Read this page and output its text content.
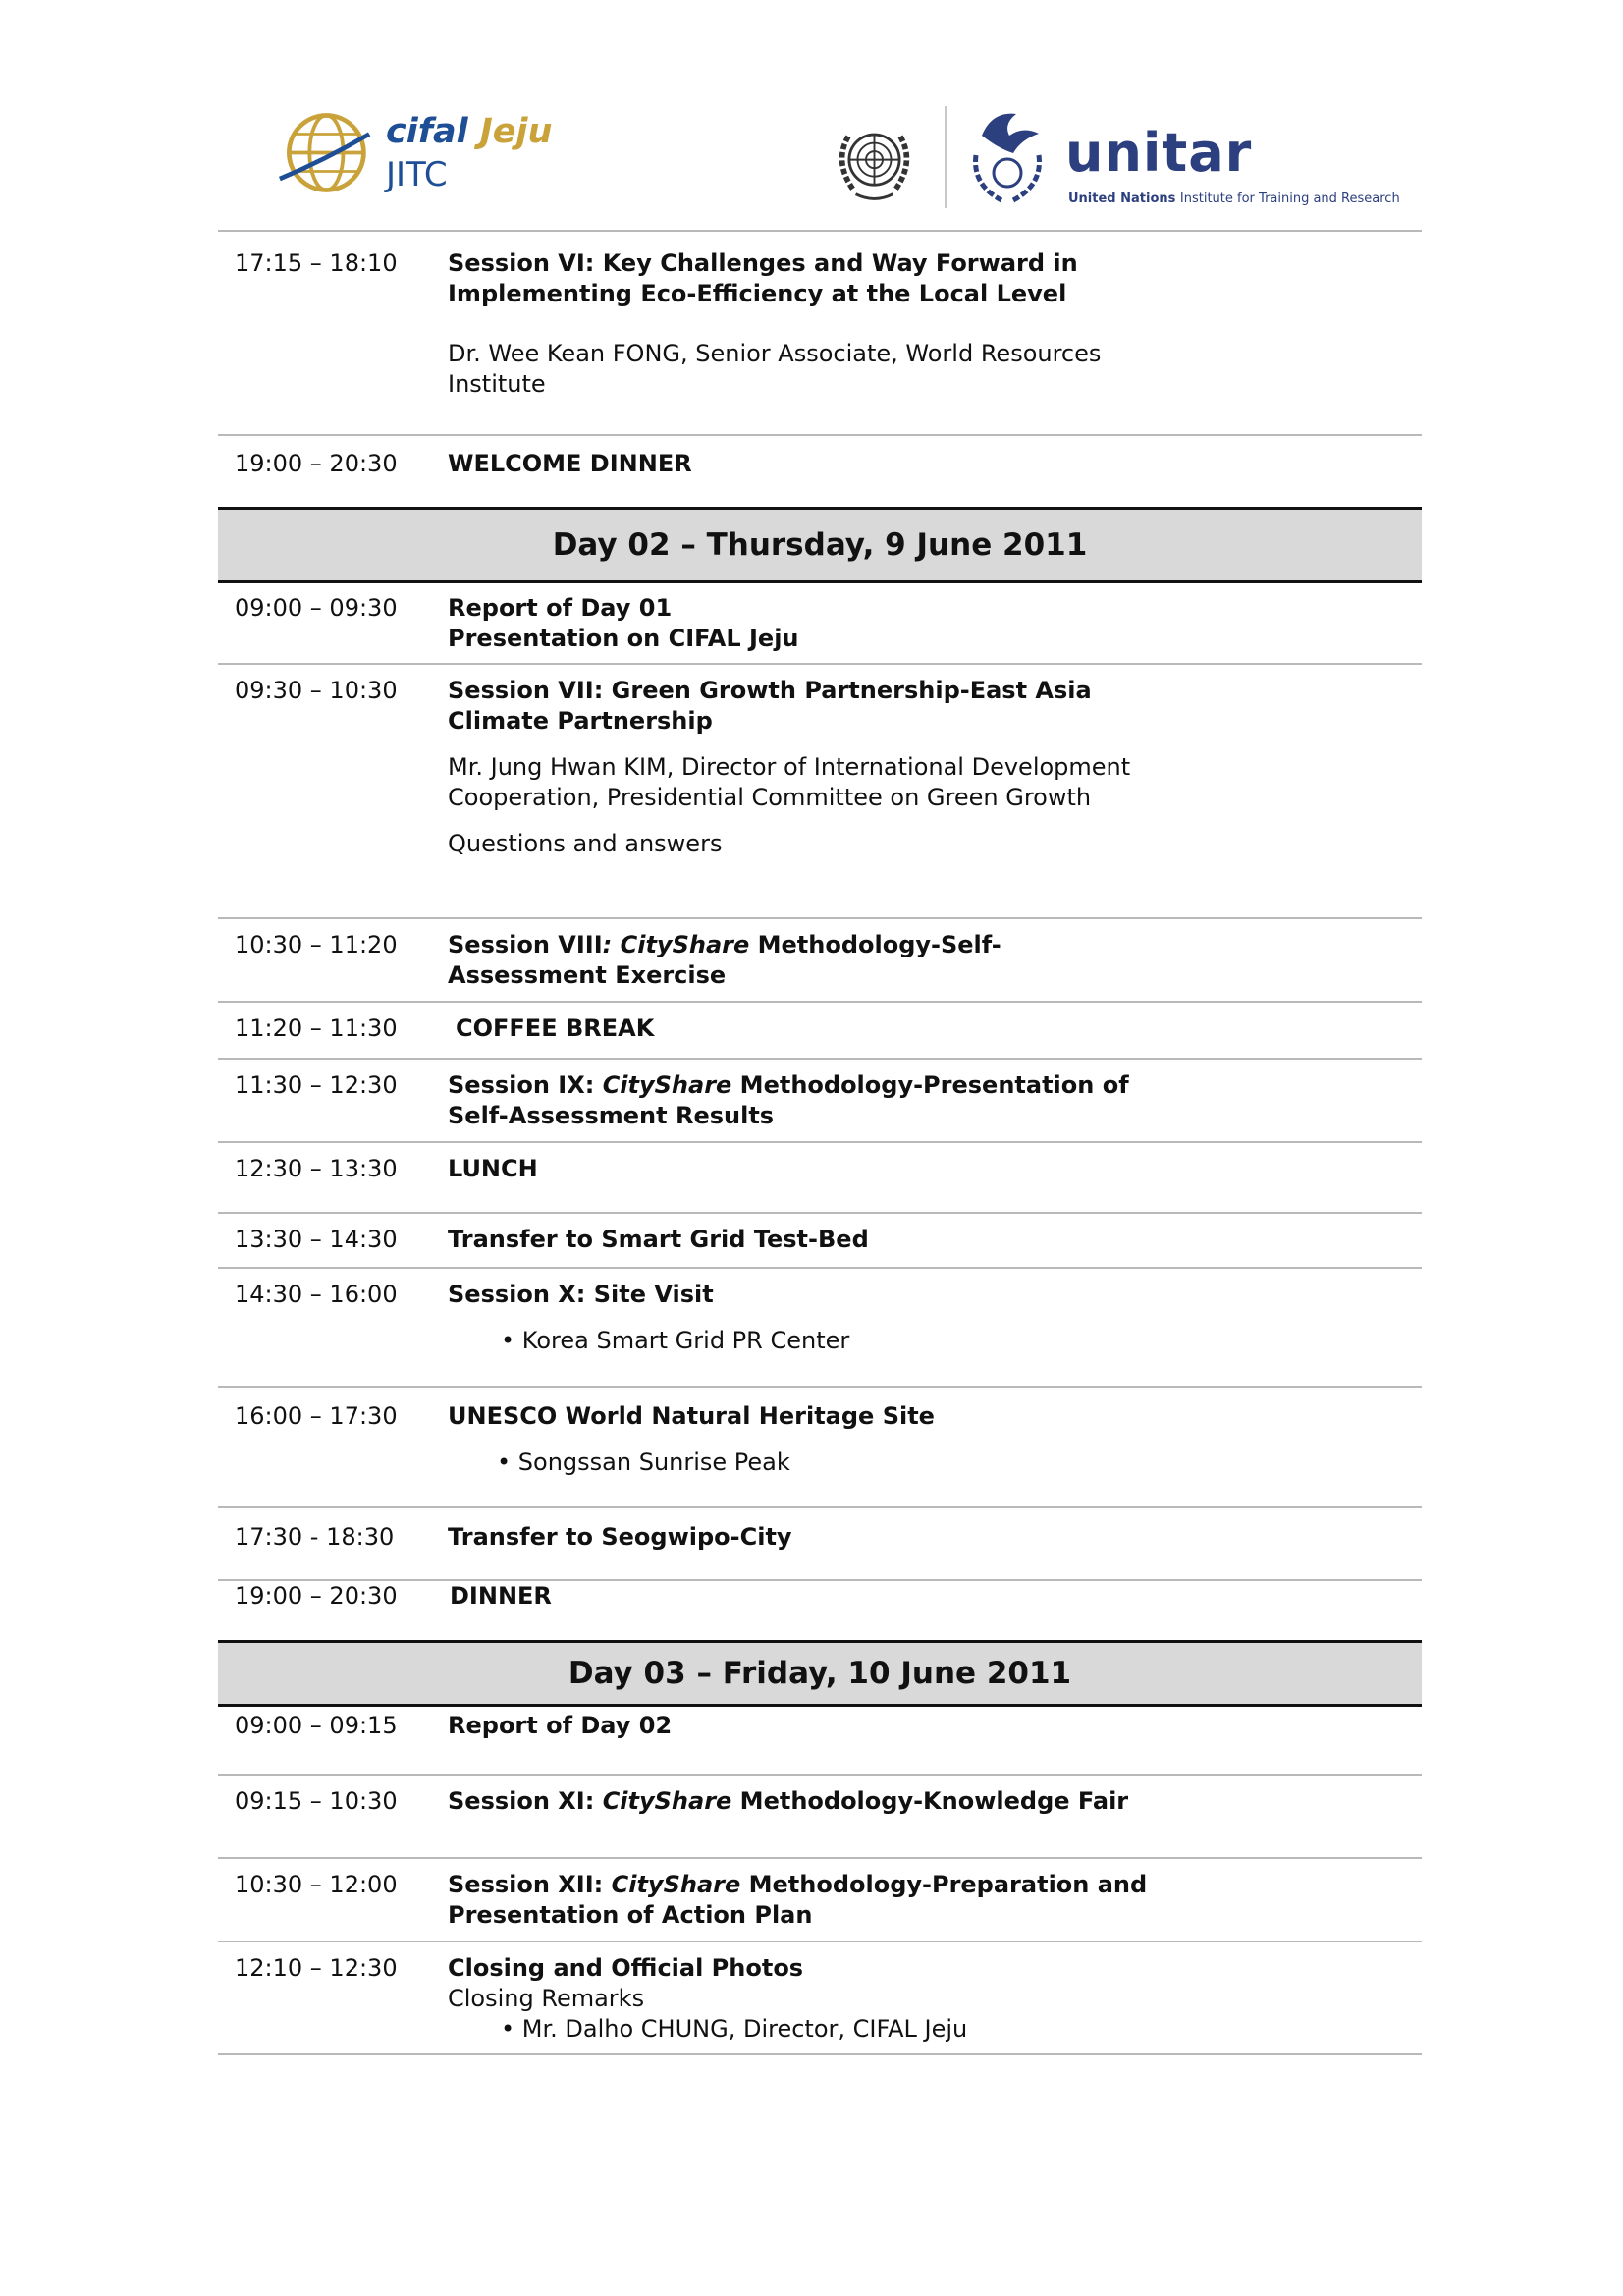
cifal Jeju
JITC	unitar
United Nations Institute for Training and Research
17:15 – 18:10 Session VI: Key Challenges and Way Forward in Implementing Eco-Efficiency at the Local Level

Dr. Wee Kean FONG, Senior Associate, World Resources Institute

19:00 – 20:30 WELCOME DINNER

Day 02 – Thursday, 9 June 2011
09:00 – 09:30 Report of Day 01

Presentation on CIFAL Jeju

09:30 – 10:30 Session VII: Green Growth Partnership-East Asia Climate Partnership

Mr. Jung Hwan KIM, Director of International Development Cooperation, Presidential Committee on Green Growth

Questions and answers

10:30 – 11:20 Session VIII: CityShare Methodology-Self-Assessment Exercise

11:20 – 11:30 COFFEE BREAK

11:30 – 12:30 Session IX: CityShare Methodology-Presentation of Self-Assessment Results

12:30 – 13:30 LUNCH

13:30 – 14:30 Transfer to Smart Grid Test-Bed

14:30 – 16:00 Session X: Site Visit

• Korea Smart Grid PR Center

16:00 – 17:30 UNESCO World Natural Heritage Site

• Songssan Sunrise Peak

17:30 - 18:30 Transfer to Seogwipo-City

19:00 – 20:30 DINNER

Day 03 – Friday, 10 June 2011
09:00 – 09:15 Report of Day 02

09:15 – 10:30 Session XI: CityShare Methodology-Knowledge Fair

10:30 – 12:00 Session XII: CityShare Methodology-Preparation and Presentation of Action Plan

12:10 – 12:30 Closing and Official Photos

Closing Remarks

• Mr. Dalho CHUNG, Director, CIFAL Jeju
